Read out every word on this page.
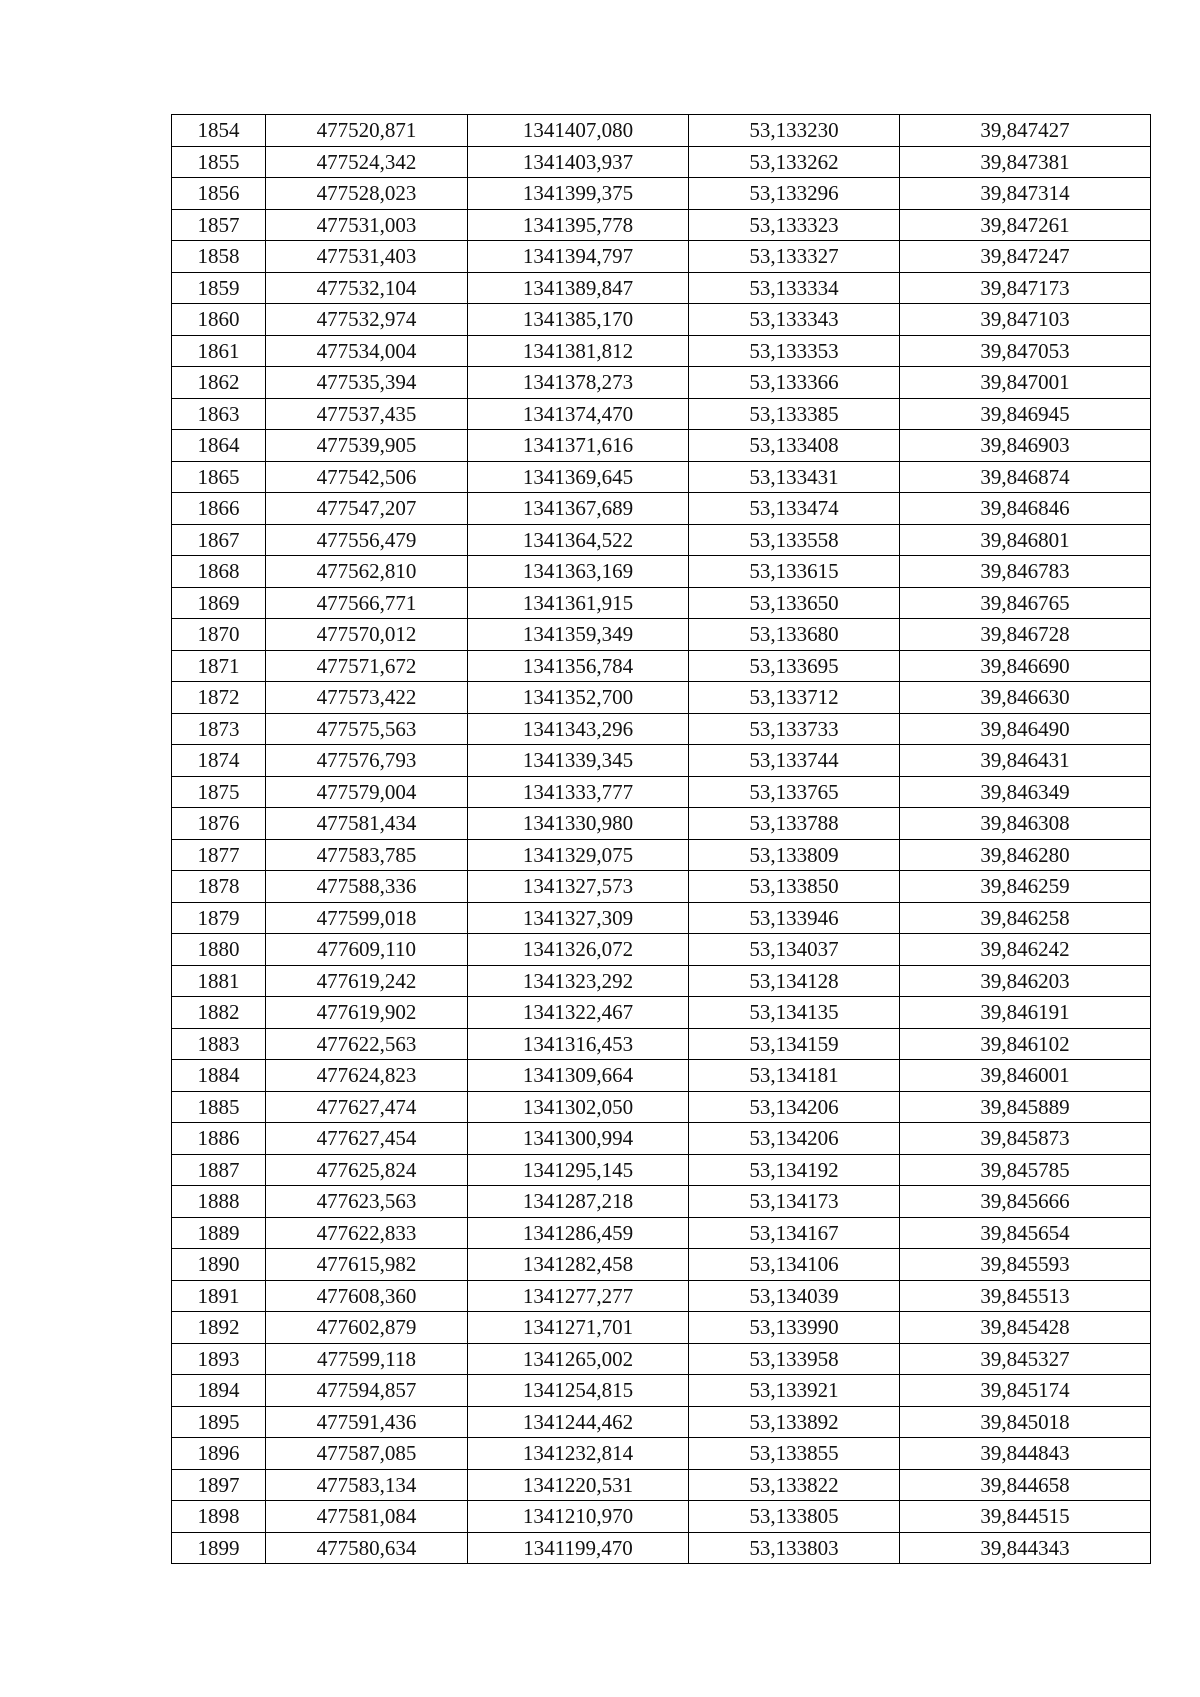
1854	477520,871	1341407,080	53,133230	39,847427
1855	477524,342	1341403,937	53,133262	39,847381
1856	477528,023	1341399,375	53,133296	39,847314
1857	477531,003	1341395,778	53,133323	39,847261
1858	477531,403	1341394,797	53,133327	39,847247
1859	477532,104	1341389,847	53,133334	39,847173
1860	477532,974	1341385,170	53,133343	39,847103
1861	477534,004	1341381,812	53,133353	39,847053
1862	477535,394	1341378,273	53,133366	39,847001
1863	477537,435	1341374,470	53,133385	39,846945
1864	477539,905	1341371,616	53,133408	39,846903
1865	477542,506	1341369,645	53,133431	39,846874
1866	477547,207	1341367,689	53,133474	39,846846
1867	477556,479	1341364,522	53,133558	39,846801
1868	477562,810	1341363,169	53,133615	39,846783
1869	477566,771	1341361,915	53,133650	39,846765
1870	477570,012	1341359,349	53,133680	39,846728
1871	477571,672	1341356,784	53,133695	39,846690
1872	477573,422	1341352,700	53,133712	39,846630
1873	477575,563	1341343,296	53,133733	39,846490
1874	477576,793	1341339,345	53,133744	39,846431
1875	477579,004	1341333,777	53,133765	39,846349
1876	477581,434	1341330,980	53,133788	39,846308
1877	477583,785	1341329,075	53,133809	39,846280
1878	477588,336	1341327,573	53,133850	39,846259
1879	477599,018	1341327,309	53,133946	39,846258
1880	477609,110	1341326,072	53,134037	39,846242
1881	477619,242	1341323,292	53,134128	39,846203
1882	477619,902	1341322,467	53,134135	39,846191
1883	477622,563	1341316,453	53,134159	39,846102
1884	477624,823	1341309,664	53,134181	39,846001
1885	477627,474	1341302,050	53,134206	39,845889
1886	477627,454	1341300,994	53,134206	39,845873
1887	477625,824	1341295,145	53,134192	39,845785
1888	477623,563	1341287,218	53,134173	39,845666
1889	477622,833	1341286,459	53,134167	39,845654
1890	477615,982	1341282,458	53,134106	39,845593
1891	477608,360	1341277,277	53,134039	39,845513
1892	477602,879	1341271,701	53,133990	39,845428
1893	477599,118	1341265,002	53,133958	39,845327
1894	477594,857	1341254,815	53,133921	39,845174
1895	477591,436	1341244,462	53,133892	39,845018
1896	477587,085	1341232,814	53,133855	39,844843
1897	477583,134	1341220,531	53,133822	39,844658
1898	477581,084	1341210,970	53,133805	39,844515
1899	477580,634	1341199,470	53,133803	39,844343
